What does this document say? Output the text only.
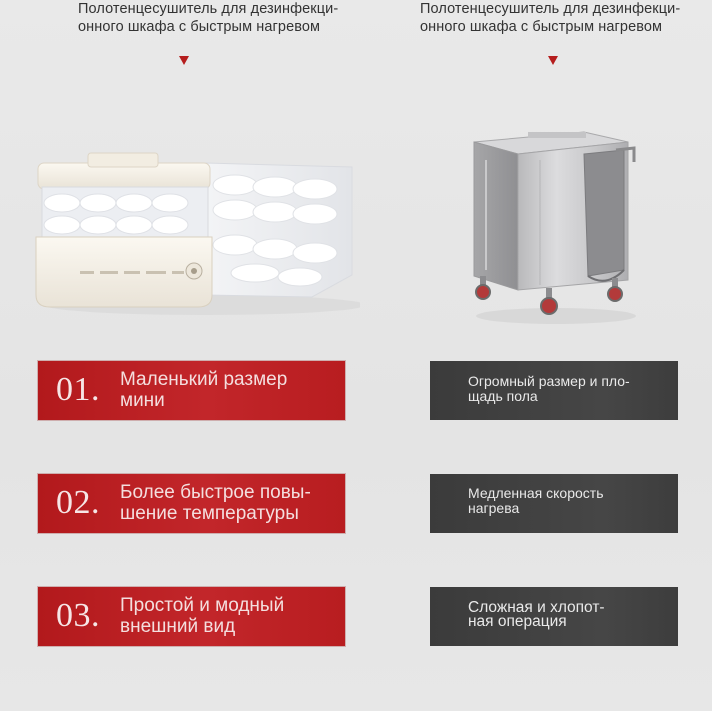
Полотенцесушитель для дезинфекци-
онного шкафа с быстрым нагревом
01. Маленький размер
мини
02. Более быстрое повы-
шение температуры
03. Простой и модный
внешний вид
Полотенцесушитель для дезинфекци-
онного шкафа с быстрым нагревом
Огромный размер и пло-
щадь пола
Медленная скорость
нагрева
Сложная и хлопот-
ная операция
